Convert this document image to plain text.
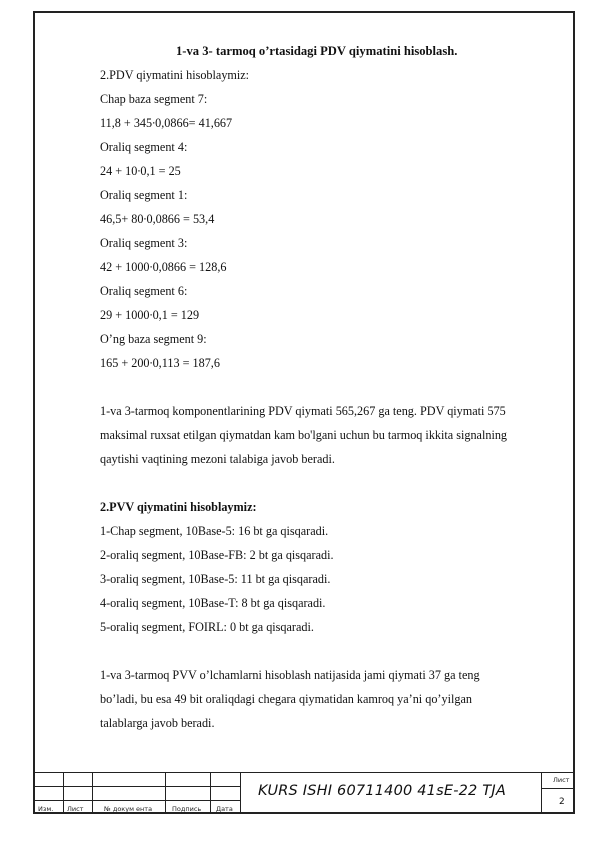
1-va 3- tarmoq o’rtasidagi PDV qiymatini hisoblash.
2.PDV qiymatini hisoblaymiz:
Chap baza segment 7:
11,8 + 345∙0,0866= 41,667
Oraliq segment 4:
24 + 10∙0,1 = 25
Oraliq segment 1:
46,5+ 80∙0,0866 = 53,4
Oraliq segment 3:
42 + 1000∙0,0866 = 128,6
Oraliq segment 6:
29 + 1000∙0,1 = 129
O’ng baza segment 9:
165 + 200∙0,113 = 187,6
1-va 3-tarmoq komponentlarining PDV qiymati 565,267 ga teng. PDV qiymati 575
maksimal ruxsat etilgan qiymatdan kam bo'lgani uchun bu tarmoq ikkita signalning
qaytishi vaqtining mezoni talabiga javob beradi.
2.PVV qiymatini hisoblaymiz:
1-Chap segment, 10Base-5: 16 bt ga qisqaradi.
2-oraliq segment, 10Base-FB: 2 bt ga qisqaradi.
3-oraliq segment, 10Base-5: 11 bt ga qisqaradi.
4-oraliq segment, 10Base-T: 8 bt ga qisqaradi.
5-oraliq segment, FOIRL: 0 bt ga qisqaradi.
1-va 3-tarmoq PVV o’lchamlarni hisoblash natijasida jami qiymati 37 ga teng
bo’ladi, bu esa 49 bit oraliqdagi chegara qiymatidan kamroq ya’ni qo’yilgan
talablarga javob beradi.
Изм. Лист	№ докум ента	Подпись Дата
Лист
KURS ISHI 60711400 41sE-22 TJA
2
